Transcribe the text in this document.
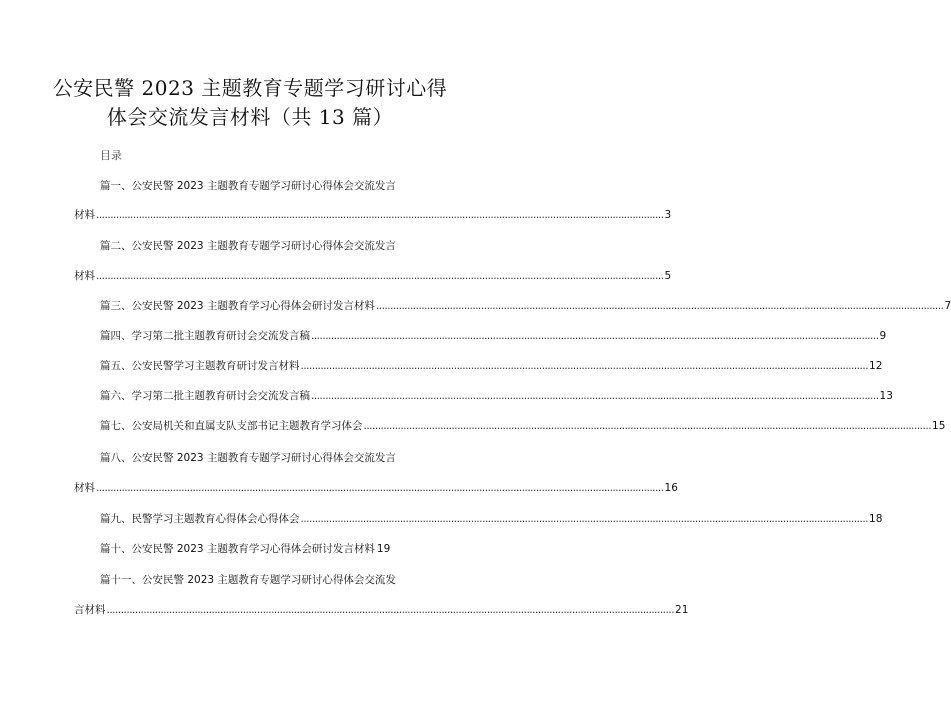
公安民警 2023 主题教育专题学习研讨心得
体会交流发言材料（共 13 篇）
目录
篇一、公安民警 2023 主题教育专题学习研讨心得体会交流发言
材料 ........................................................................................................................................................................................................ 3
篇二、公安民警 2023 主题教育专题学习研讨心得体会交流发言
材料 ........................................................................................................................................................................................................ 5
篇三、公安民警 2023 主题教育学习心得体会研讨发言材料 ........................................................................................................................................................................................................ 7
篇四、学习第二批主题教育研讨会交流发言稿 ........................................................................................................................................................................................................ 9
篇五、公安民警学习主题教育研讨发言材料 ........................................................................................................................................................................................................ 12
篇六、学习第二批主题教育研讨会交流发言稿 ........................................................................................................................................................................................................ 13
篇七、公安局机关和直属支队支部书记主题教育学习体会 ........................................................................................................................................................................................................ 15
篇八、公安民警 2023 主题教育专题学习研讨心得体会交流发言
材料 ........................................................................................................................................................................................................ 16
篇九、民警学习主题教育心得体会心得体会 ........................................................................................................................................................................................................ 18
篇十、公安民警 2023 主题教育学习心得体会研讨发言材料 19
篇十一、公安民警 2023 主题教育专题学习研讨心得体会交流发
言材料 ........................................................................................................................................................................................................ 21
